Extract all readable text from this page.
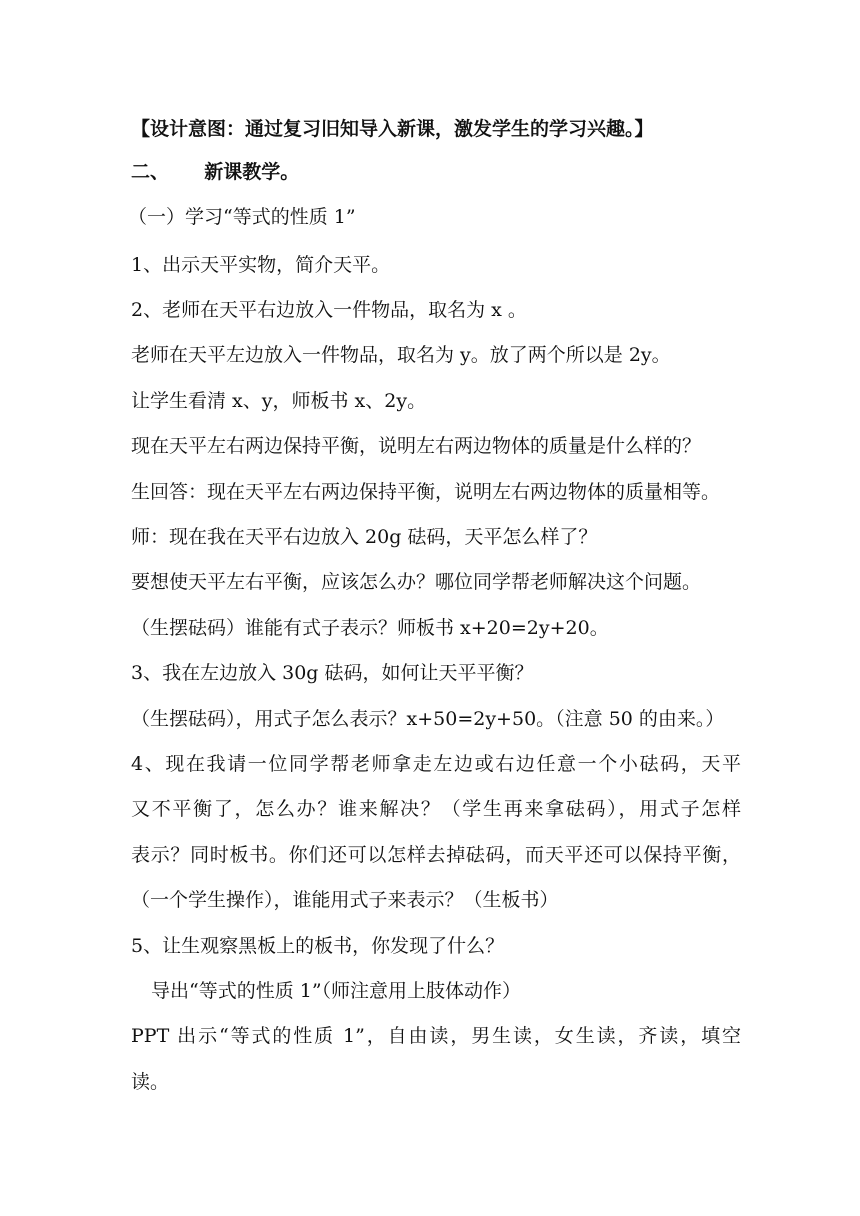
【设计意图：通过复习旧知导入新课，激发学生的学习兴趣。】
二、 新课教学。
（一）学习“等式的性质 1”
1、出示天平实物，简介天平。
2、老师在天平右边放入一件物品，取名为 x 。
老师在天平左边放入一件物品，取名为 y。放了两个所以是 2y。
让学生看清 x、y，师板书 x、2y。
现在天平左右两边保持平衡，说明左右两边物体的质量是什么样的？
生回答：现在天平左右两边保持平衡，说明左右两边物体的质量相等。
师：现在我在天平右边放入 20g 砝码，天平怎么样了？
要想使天平左右平衡，应该怎么办？哪位同学帮老师解决这个问题。
（生摆砝码）谁能有式子表示？师板书 x+20=2y+20。
3、我在左边放入 30g 砝码，如何让天平平衡？
（生摆砝码），用式子怎么表示？x+50=2y+50。（注意 50 的由来。）
4、现在我请一位同学帮老师拿走左边或右边任意一个小砝码，天平
又不平衡了，怎么办？谁来解决？（学生再来拿砝码），用式子怎样
表示？同时板书。你们还可以怎样去掉砝码，而天平还可以保持平衡，
（一个学生操作），谁能用式子来表示？（生板书）
5、让生观察黑板上的板书，你发现了什么？
导出“等式的性质 1”（师注意用上肢体动作）
PPT 出示“等式的性质 1”，自由读，男生读，女生读，齐读，填空
读。
